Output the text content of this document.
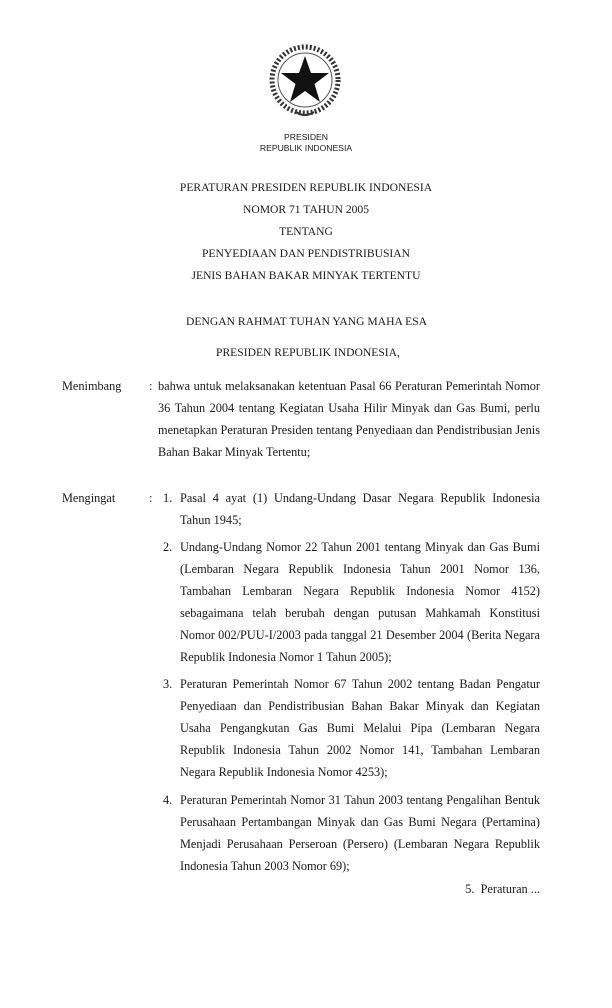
PRESIDEN
REPUBLIK INDONESIA
PERATURAN PRESIDEN REPUBLIK INDONESIA
NOMOR 71 TAHUN 2005
TENTANG
PENYEDIAAN DAN PENDISTRIBUSIAN
JENIS BAHAN BAKAR MINYAK TERTENTU
DENGAN RAHMAT TUHAN YANG MAHA ESA
PRESIDEN REPUBLIK INDONESIA,
Menimbang : bahwa untuk melaksanakan ketentuan Pasal 66 Peraturan Pemerintah Nomor 36 Tahun 2004 tentang Kegiatan Usaha Hilir Minyak dan Gas Bumi, perlu menetapkan Peraturan Presiden tentang Penyediaan dan Pendistribusian Jenis Bahan Bakar Minyak Tertentu;
Mengingat	: 1. Pasal 4 ayat (1) Undang-Undang Dasar Negara Republik Indonesia Tahun 1945;
2. Undang-Undang Nomor 22 Tahun 2001 tentang Minyak dan Gas Bumi (Lembaran Negara Republik Indonesia Tahun 2001 Nomor 136, Tambahan Lembaran Negara Republik Indonesia Nomor 4152) sebagaimana telah berubah dengan putusan Mahkamah Konstitusi Nomor 002/PUU-I/2003 pada tanggal 21 Desember 2004 (Berita Negara Republik Indonesia Nomor 1 Tahun 2005);
3. Peraturan Pemerintah Nomor 67 Tahun 2002 tentang Badan Pengatur Penyediaan dan Pendistribusian Bahan Bakar Minyak dan Kegiatan Usaha Pengangkutan Gas Bumi Melalui Pipa (Lembaran Negara Republik Indonesia Tahun 2002 Nomor 141, Tambahan Lembaran Negara Republik Indonesia Nomor 4253);
4. Peraturan Pemerintah Nomor 31 Tahun 2003 tentang Pengalihan Bentuk Perusahaan Pertambangan Minyak dan Gas Bumi Negara (Pertamina) Menjadi Perusahaan Perseroan (Persero) (Lembaran Negara Republik Indonesia Tahun 2003 Nomor 69);
5.  Peraturan ...
